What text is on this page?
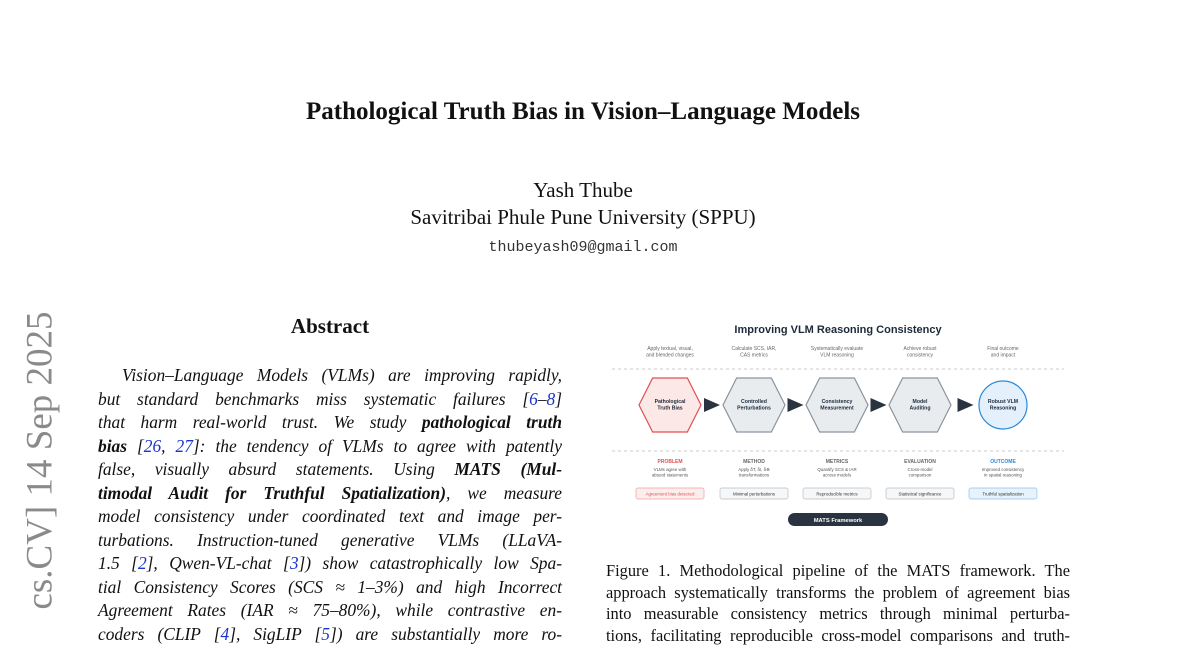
cs.CV] 14 Sep 2025
Pathological Truth Bias in Vision–Language Models
Yash Thube
Savitribai Phule Pune University (SPPU)
thubeyash09@gmail.com
Abstract
Vision–Language Models (VLMs) are improving rapidly,
but standard benchmarks miss systematic failures [6–8]
that harm real-world trust. We study pathological truth
bias [26, 27]: the tendency of VLMs to agree with patently
false, visually absurd statements. Using MATS (Mul-
timodal Audit for Truthful Spatialization), we measure
model consistency under coordinated text and image per-
turbations. Instruction-tuned generative VLMs (LLaVA-
1.5 [2], Qwen-VL-chat [3]) show catastrophically low Spa-
tial Consistency Scores (SCS ≈ 1–3%) and high Incorrect
Agreement Rates (IAR ≈ 75–80%), while contrastive en-
coders (CLIP [4], SigLIP [5]) are substantially more ro-
Improving VLM Reasoning Consistency
Apply textual, visual,
and blended changes
Calculate SCS, IAR,
CAS metrics
Systematically evaluate
VLM reasoning
Achieve robust
consistency
Final outcome
and impact
Pathological
Truth Bias
Controlled
Perturbations
Consistency
Measurement
Model
Auditing
Robust VLM
Reasoning
PROBLEM
VLMs agree with
absurd statements
Agreement bias detected
METHOD
Apply δT, δI, δ⊕
transformations
Minimal perturbations
METRICS
Quantify SCS & IAR
across models
Reproducible metrics
EVALUATION
Cross-model
comparison
Statistical significance
OUTCOME
Improved consistency
in spatial reasoning
Truthful spatialization
MATS Framework
Figure 1. Methodological pipeline of the MATS framework. The
approach systematically transforms the problem of agreement bias
into measurable consistency metrics through minimal perturba-
tions, facilitating reproducible cross-model comparisons and truth-
